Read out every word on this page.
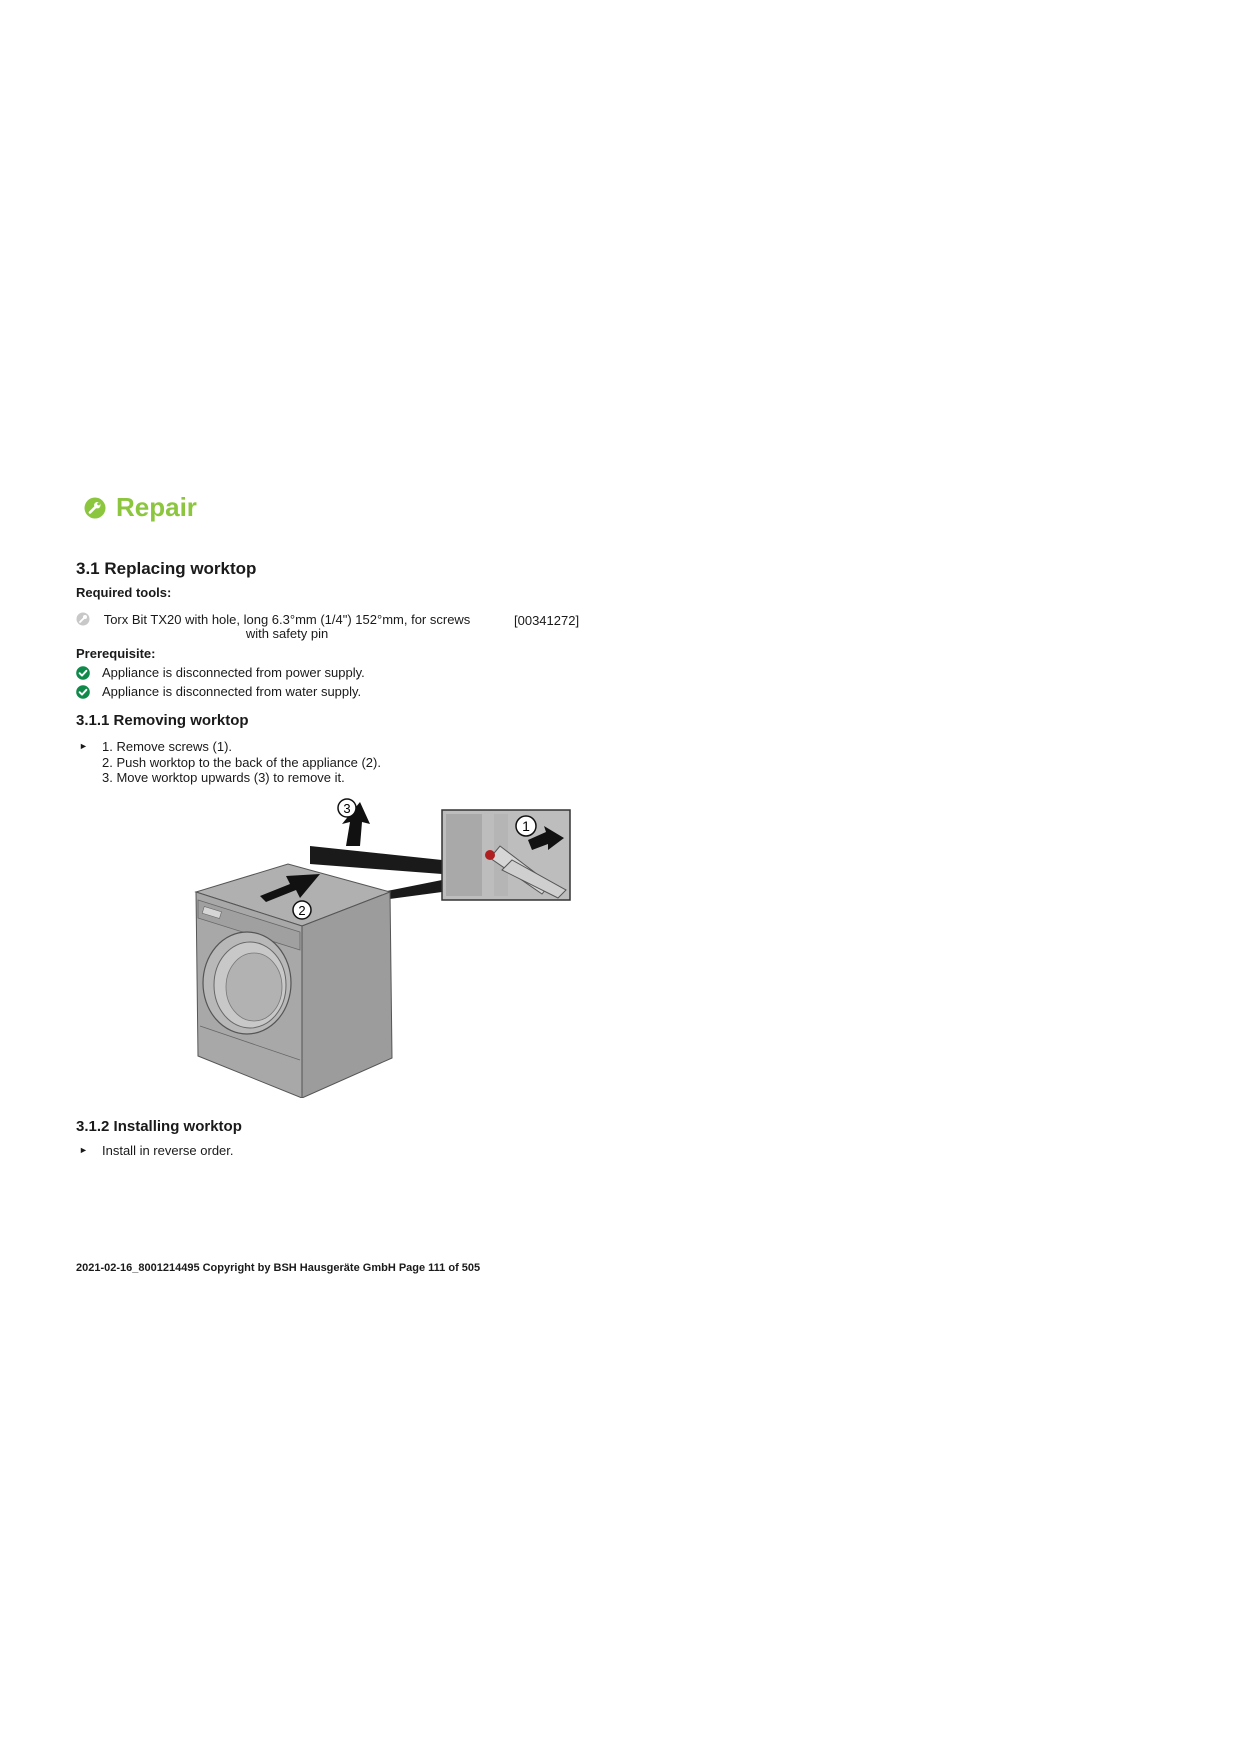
Repair
3.1 Replacing worktop
Required tools:
Torx Bit TX20 with hole, long 6.3°mm (1/4") 152°mm, for screws with safety pin
[00341272]
Prerequisite:
Appliance is disconnected from power supply.
Appliance is disconnected from water supply.
3.1.1 Removing worktop
► 1. Remove screws (1).
2. Push worktop to the back of the appliance (2).
3. Move worktop upwards (3) to remove it.
2
3
1
3.1.2 Installing worktop
► Install in reverse order.
2021-02-16_8001214495 Copyright by BSH Hausgeräte GmbH Page 111 of 505
